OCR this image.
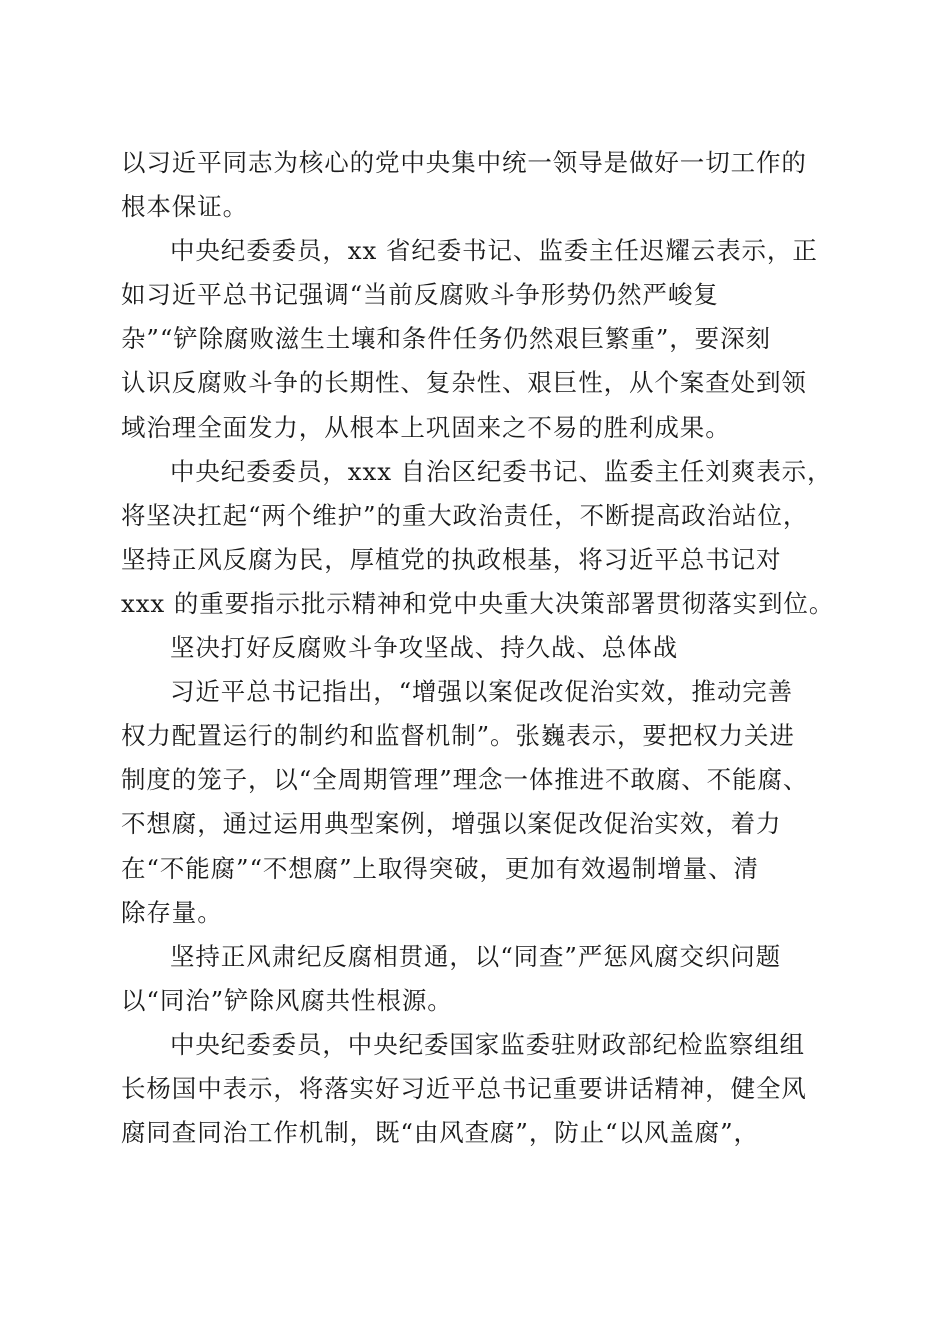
以习近平同志为核心的党中央集中统一领导是做好一切工作的
根本保证。
中央纪委委员，xx 省纪委书记、监委主任迟耀云表示，正
如习近平总书记强调“当前反腐败斗争形势仍然严峻复
杂”“铲除腐败滋生土壤和条件任务仍然艰巨繁重”，要深刻
认识反腐败斗争的长期性、复杂性、艰巨性，从个案查处到领
域治理全面发力，从根本上巩固来之不易的胜利成果。
中央纪委委员，xxx 自治区纪委书记、监委主任刘爽表示，
将坚决扛起“两个维护”的重大政治责任，不断提高政治站位，
坚持正风反腐为民，厚植党的执政根基，将习近平总书记对
xxx 的重要指示批示精神和党中央重大决策部署贯彻落实到位。
坚决打好反腐败斗争攻坚战、持久战、总体战
习近平总书记指出，“增强以案促改促治实效，推动完善
权力配置运行的制约和监督机制”。张巍表示，要把权力关进
制度的笼子，以“全周期管理”理念一体推进不敢腐、不能腐、
不想腐，通过运用典型案例，增强以案促改促治实效，着力
在“不能腐”“不想腐”上取得突破，更加有效遏制增量、清
除存量。
坚持正风肃纪反腐相贯通，以“同查”严惩风腐交织问题
以“同治”铲除风腐共性根源。
中央纪委委员，中央纪委国家监委驻财政部纪检监察组组
长杨国中表示，将落实好习近平总书记重要讲话精神，健全风
腐同查同治工作机制，既“由风查腐”，防止“以风盖腐”，
